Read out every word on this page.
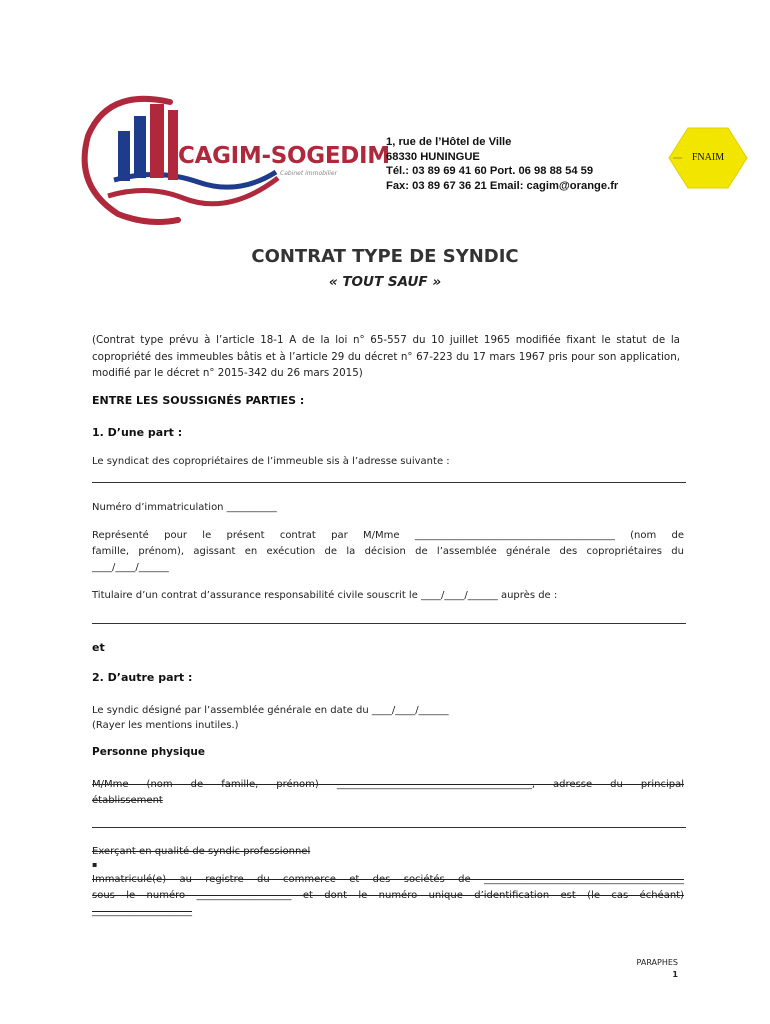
CAGIM-SOGEDIM
Cabinet immobilier
1, rue de l’Hôtel de Ville
68330 HUNINGUE
Tél.: 03 89 69 41 60 Port. 06 98 88 54 59
Fax: 03 89 67 36 21 Email: cagim@orange.fr
FNAIM
CONTRAT TYPE DE SYNDIC
« TOUT SAUF »
(Contrat type prévu à l’article 18-1 A de la loi n° 65-557 du 10 juillet 1965 modifiée fixant le statut de la copropriété des immeubles bâtis et à l’article 29 du décret n° 67-223 du 17 mars 1967 pris pour son application, modifié par le décret n° 2015-342 du 26 mars 2015)
ENTRE LES SOUSSIGNÉS PARTIES :
1. D’une part :
Le syndicat des copropriétaires de l’immeuble sis à l’adresse suivante :
Numéro d’immatriculation __________
Représenté pour le présent contrat par M/Mme ________________________________________ (nom de
famille, prénom), agissant en exécution de la décision de l’assemblée générale des copropriétaires du
____/____/______
Titulaire d’un contrat d’assurance responsabilité civile souscrit le ____/____/______ auprès de :
et
2. D’autre part :
Le syndic désigné par l’assemblée générale en date du ____/____/______
(Rayer les mentions inutiles.)
Personne physique
M/Mme (nom de famille, prénom) _______________________________________, adresse du principal
établissement
Exerçant en qualité de syndic professionnel
▪
Immatriculé(e) au registre du commerce et des sociétés de ________________________________________
sous le numéro ___________________ et dont le numéro unique d’identification est (le cas échéant)
____________________
PARAPHES
1
